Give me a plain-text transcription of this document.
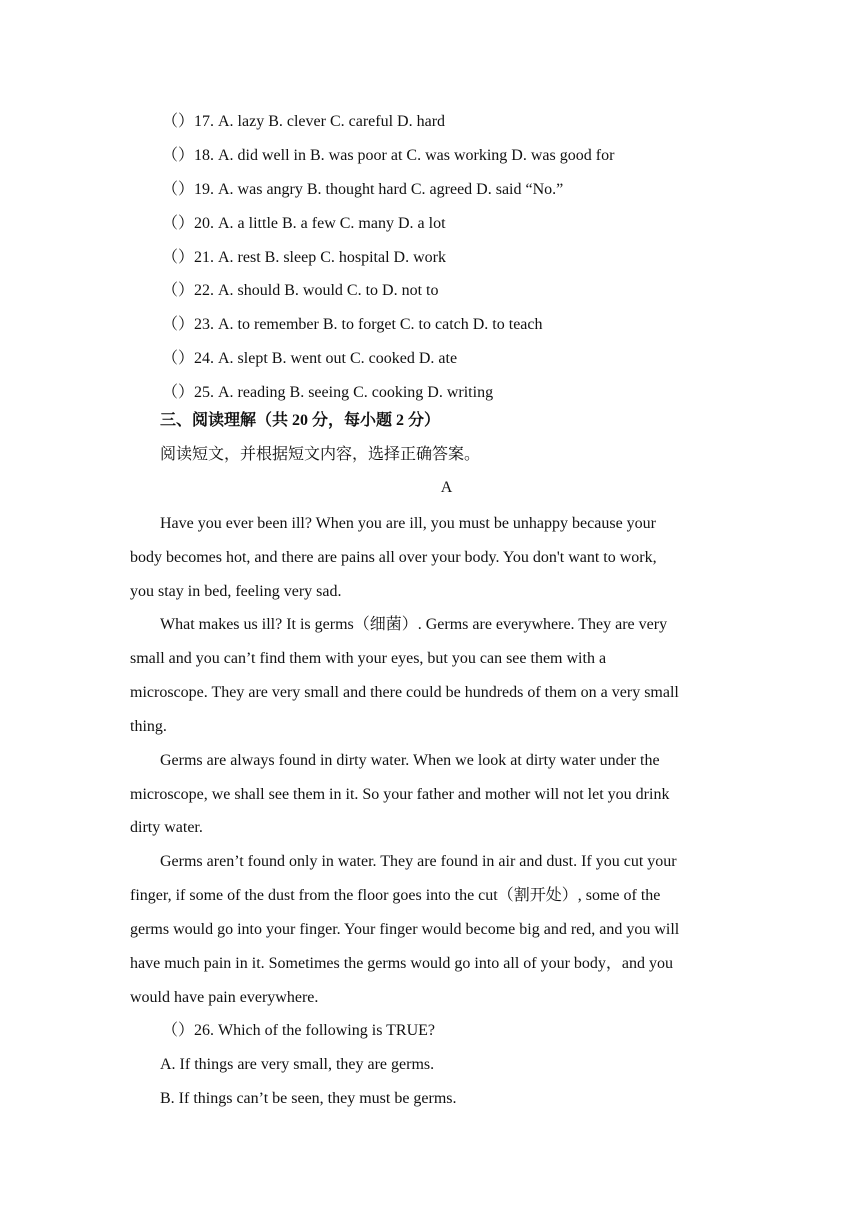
（）17. A. lazy B. clever C. careful D. hard
（）18. A. did well in B. was poor at C. was working D. was good for
（）19. A. was angry B. thought hard C. agreed D. said “No.”
（）20. A. a little B. a few C. many D. a lot
（）21. A. rest B. sleep C. hospital D. work
（）22. A. should B. would C. to D. not to
（）23. A. to remember B. to forget C. to catch D. to teach
（）24. A. slept B. went out C. cooked D. ate
（）25. A. reading B. seeing C. cooking D. writing
三、阅读理解（共 20 分，每小题 2 分）
阅读短文，并根据短文内容，选择正确答案。
A
Have you ever been ill? When you are ill, you must be unhappy because your
body becomes hot, and there are pains all over your body. You don't want to work,
you stay in bed, feeling very sad.
What makes us ill? It is germs（细菌）. Germs are everywhere. They are very
small and you can’t find them with your eyes, but you can see them with a
microscope. They are very small and there could be hundreds of them on a very small
thing.
Germs are always found in dirty water. When we look at dirty water under the
microscope, we shall see them in it. So your father and mother will not let you drink
dirty water.
Germs aren’t found only in water. They are found in air and dust. If you cut your
finger, if some of the dust from the floor goes into the cut（割开处）, some of the
germs would go into your finger. Your finger would become big and red, and you will
have much pain in it. Sometimes the germs would go into all of your body，and you
would have pain everywhere.
（）26. Which of the following is TRUE?
A. If things are very small, they are germs.
B. If things can’t be seen, they must be germs.
